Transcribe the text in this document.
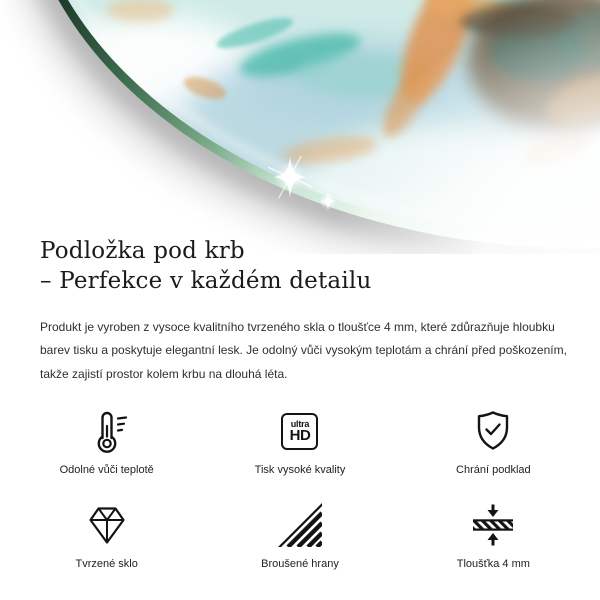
– Perfekce v každém detailu

Produkt je vyroben z vysoce kvalitního tvrzeného skla o tloušťce 4 mm, které zdůrazňuje hloubku barev tisku a poskytuje elegantní lesk. Je odolný vůči vysokým teplotám a chrání před poškozením, takže zajistí prostor kolem krbu na dlouhá léta.

Odolné vůči teplotě
ultra
HD
Tisk vysoké kvality	Chrání podklad
Tvrzené sklo	Broušené hrany	Tloušťka 4 mm
